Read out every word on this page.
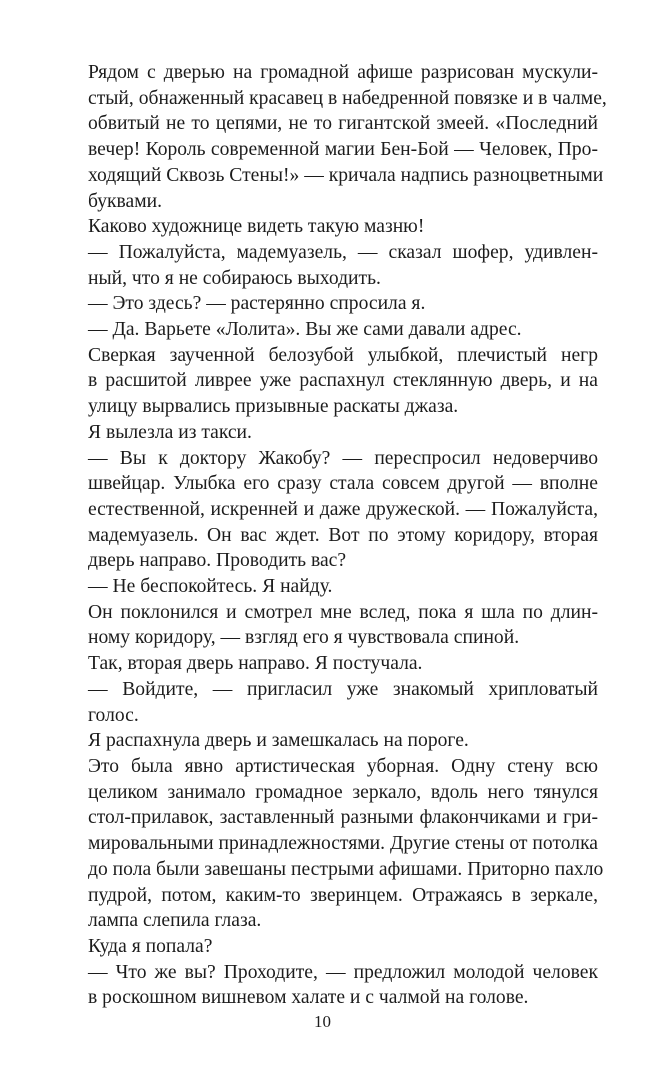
Рядом с дверью на громадной афише разрисован мускули-
стый, обнаженный красавец в набедренной повязке и в чалме,
обвитый не то цепями, не то гигантской змеей. «Последний
вечер! Король современной магии Бен-Бой — Человек, Про-
ходящий Сквозь Стены!» — кричала надпись разноцветными
буквами.

Каково художнице видеть такую мазню!

— Пожалуйста, мадемуазель, — сказал шофер, удивлен-
ный, что я не собираюсь выходить.

— Это здесь? — растерянно спросила я.

— Да. Варьете «Лолита». Вы же сами давали адрес.

Сверкая заученной белозубой улыбкой, плечистый негр
в расшитой ливрее уже распахнул стеклянную дверь, и на
улицу вырвались призывные раскаты джаза.

Я вылезла из такси.

— Вы к доктору Жакобу? — переспросил недоверчиво
швейцар. Улыбка его сразу стала совсем другой — вполне
естественной, искренней и даже дружеской. — Пожалуйста,
мадемуазель. Он вас ждет. Вот по этому коридору, вторая
дверь направо. Проводить вас?

— Не беспокойтесь. Я найду.

Он поклонился и смотрел мне вслед, пока я шла по длин-
ному коридору, — взгляд его я чувствовала спиной.

Так, вторая дверь направо. Я постучала.

— Войдите, — пригласил уже знакомый хрипловатый
голос.

Я распахнула дверь и замешкалась на пороге.

Это была явно артистическая уборная. Одну стену всю
целиком занимало громадное зеркало, вдоль него тянулся
стол-прилавок, заставленный разными флакончиками и гри-
мировальными принадлежностями. Другие стены от потолка
до пола были завешаны пестрыми афишами. Приторно пахло
пудрой, потом, каким-то зверинцем. Отражаясь в зеркале,
лампа слепила глаза.

Куда я попала?

— Что же вы? Проходите, — предложил молодой человек
в роскошном вишневом халате и с чалмой на голове.

10
